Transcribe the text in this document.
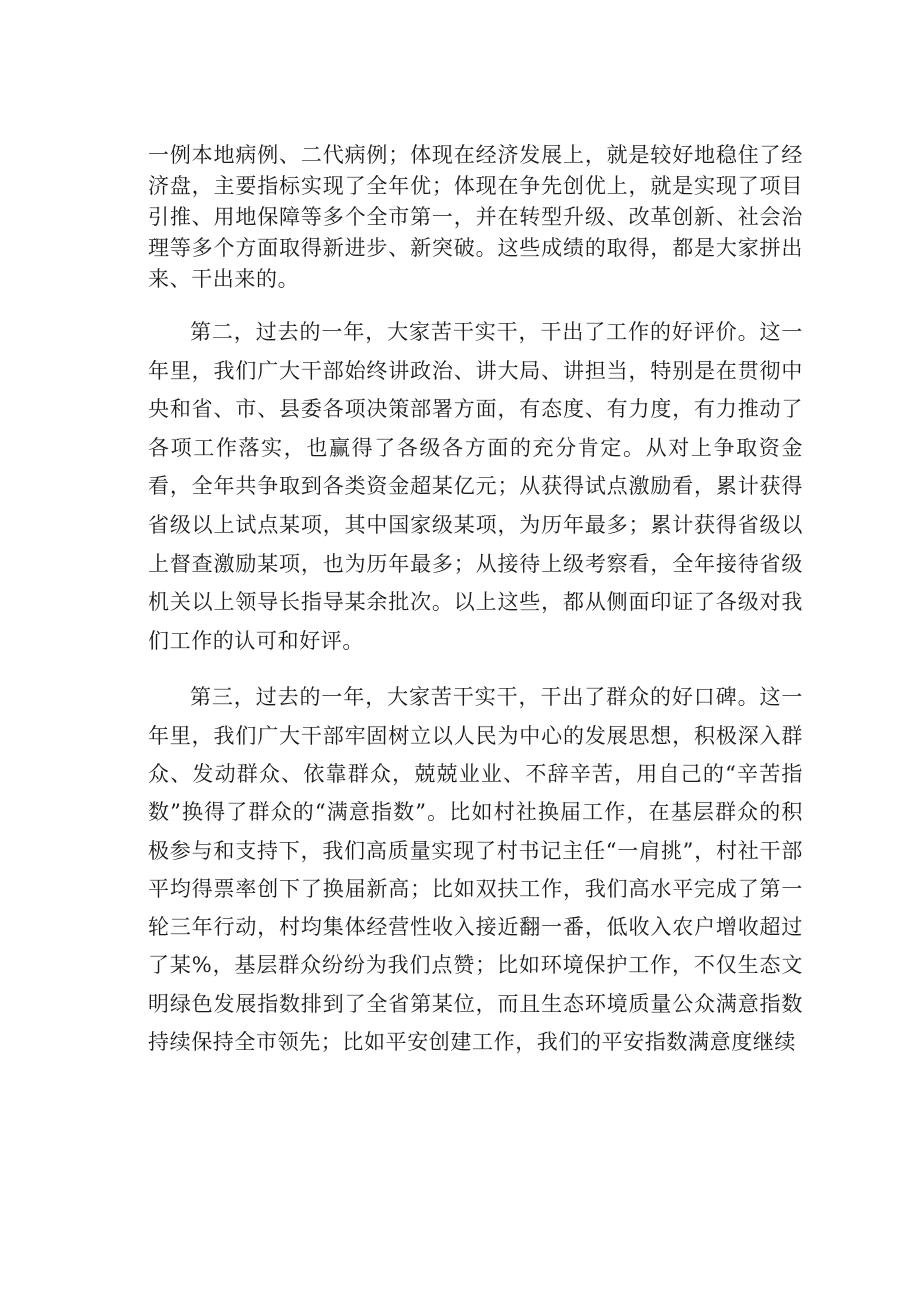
一例本地病例、二代病例；体现在经济发展上，就是较好地稳住了经济盘，主要指标实现了全年优；体现在争先创优上，就是实现了项目引推、用地保障等多个全市第一，并在转型升级、改革创新、社会治理等多个方面取得新进步、新突破。这些成绩的取得，都是大家拼出来、干出来的。

第二，过去的一年，大家苦干实干，干出了工作的好评价。这一年里，我们广大干部始终讲政治、讲大局、讲担当，特别是在贯彻中央和省、市、县委各项决策部署方面，有态度、有力度，有力推动了各项工作落实，也赢得了各级各方面的充分肯定。从对上争取资金看，全年共争取到各类资金超某亿元；从获得试点激励看，累计获得省级以上试点某项，其中国家级某项，为历年最多；累计获得省级以上督查激励某项，也为历年最多；从接待上级考察看，全年接待省级机关以上领导长指导某余批次。以上这些，都从侧面印证了各级对我们工作的认可和好评。

第三，过去的一年，大家苦干实干，干出了群众的好口碑。这一年里，我们广大干部牢固树立以人民为中心的发展思想，积极深入群众、发动群众、依靠群众，兢兢业业、不辞辛苦，用自己的“辛苦指数”换得了群众的“满意指数”。比如村社换届工作，在基层群众的积极参与和支持下，我们高质量实现了村书记主任“一肩挑”，村社干部平均得票率创下了换届新高；比如双扶工作，我们高水平完成了第一轮三年行动，村均集体经营性收入接近翻一番，低收入农户增收超过了某%，基层群众纷纷为我们点赞；比如环境保护工作，不仅生态文明绿色发展指数排到了全省第某位，而且生态环境质量公众满意指数持续保持全市领先；比如平安创建工作，我们的平安指数满意度继续
